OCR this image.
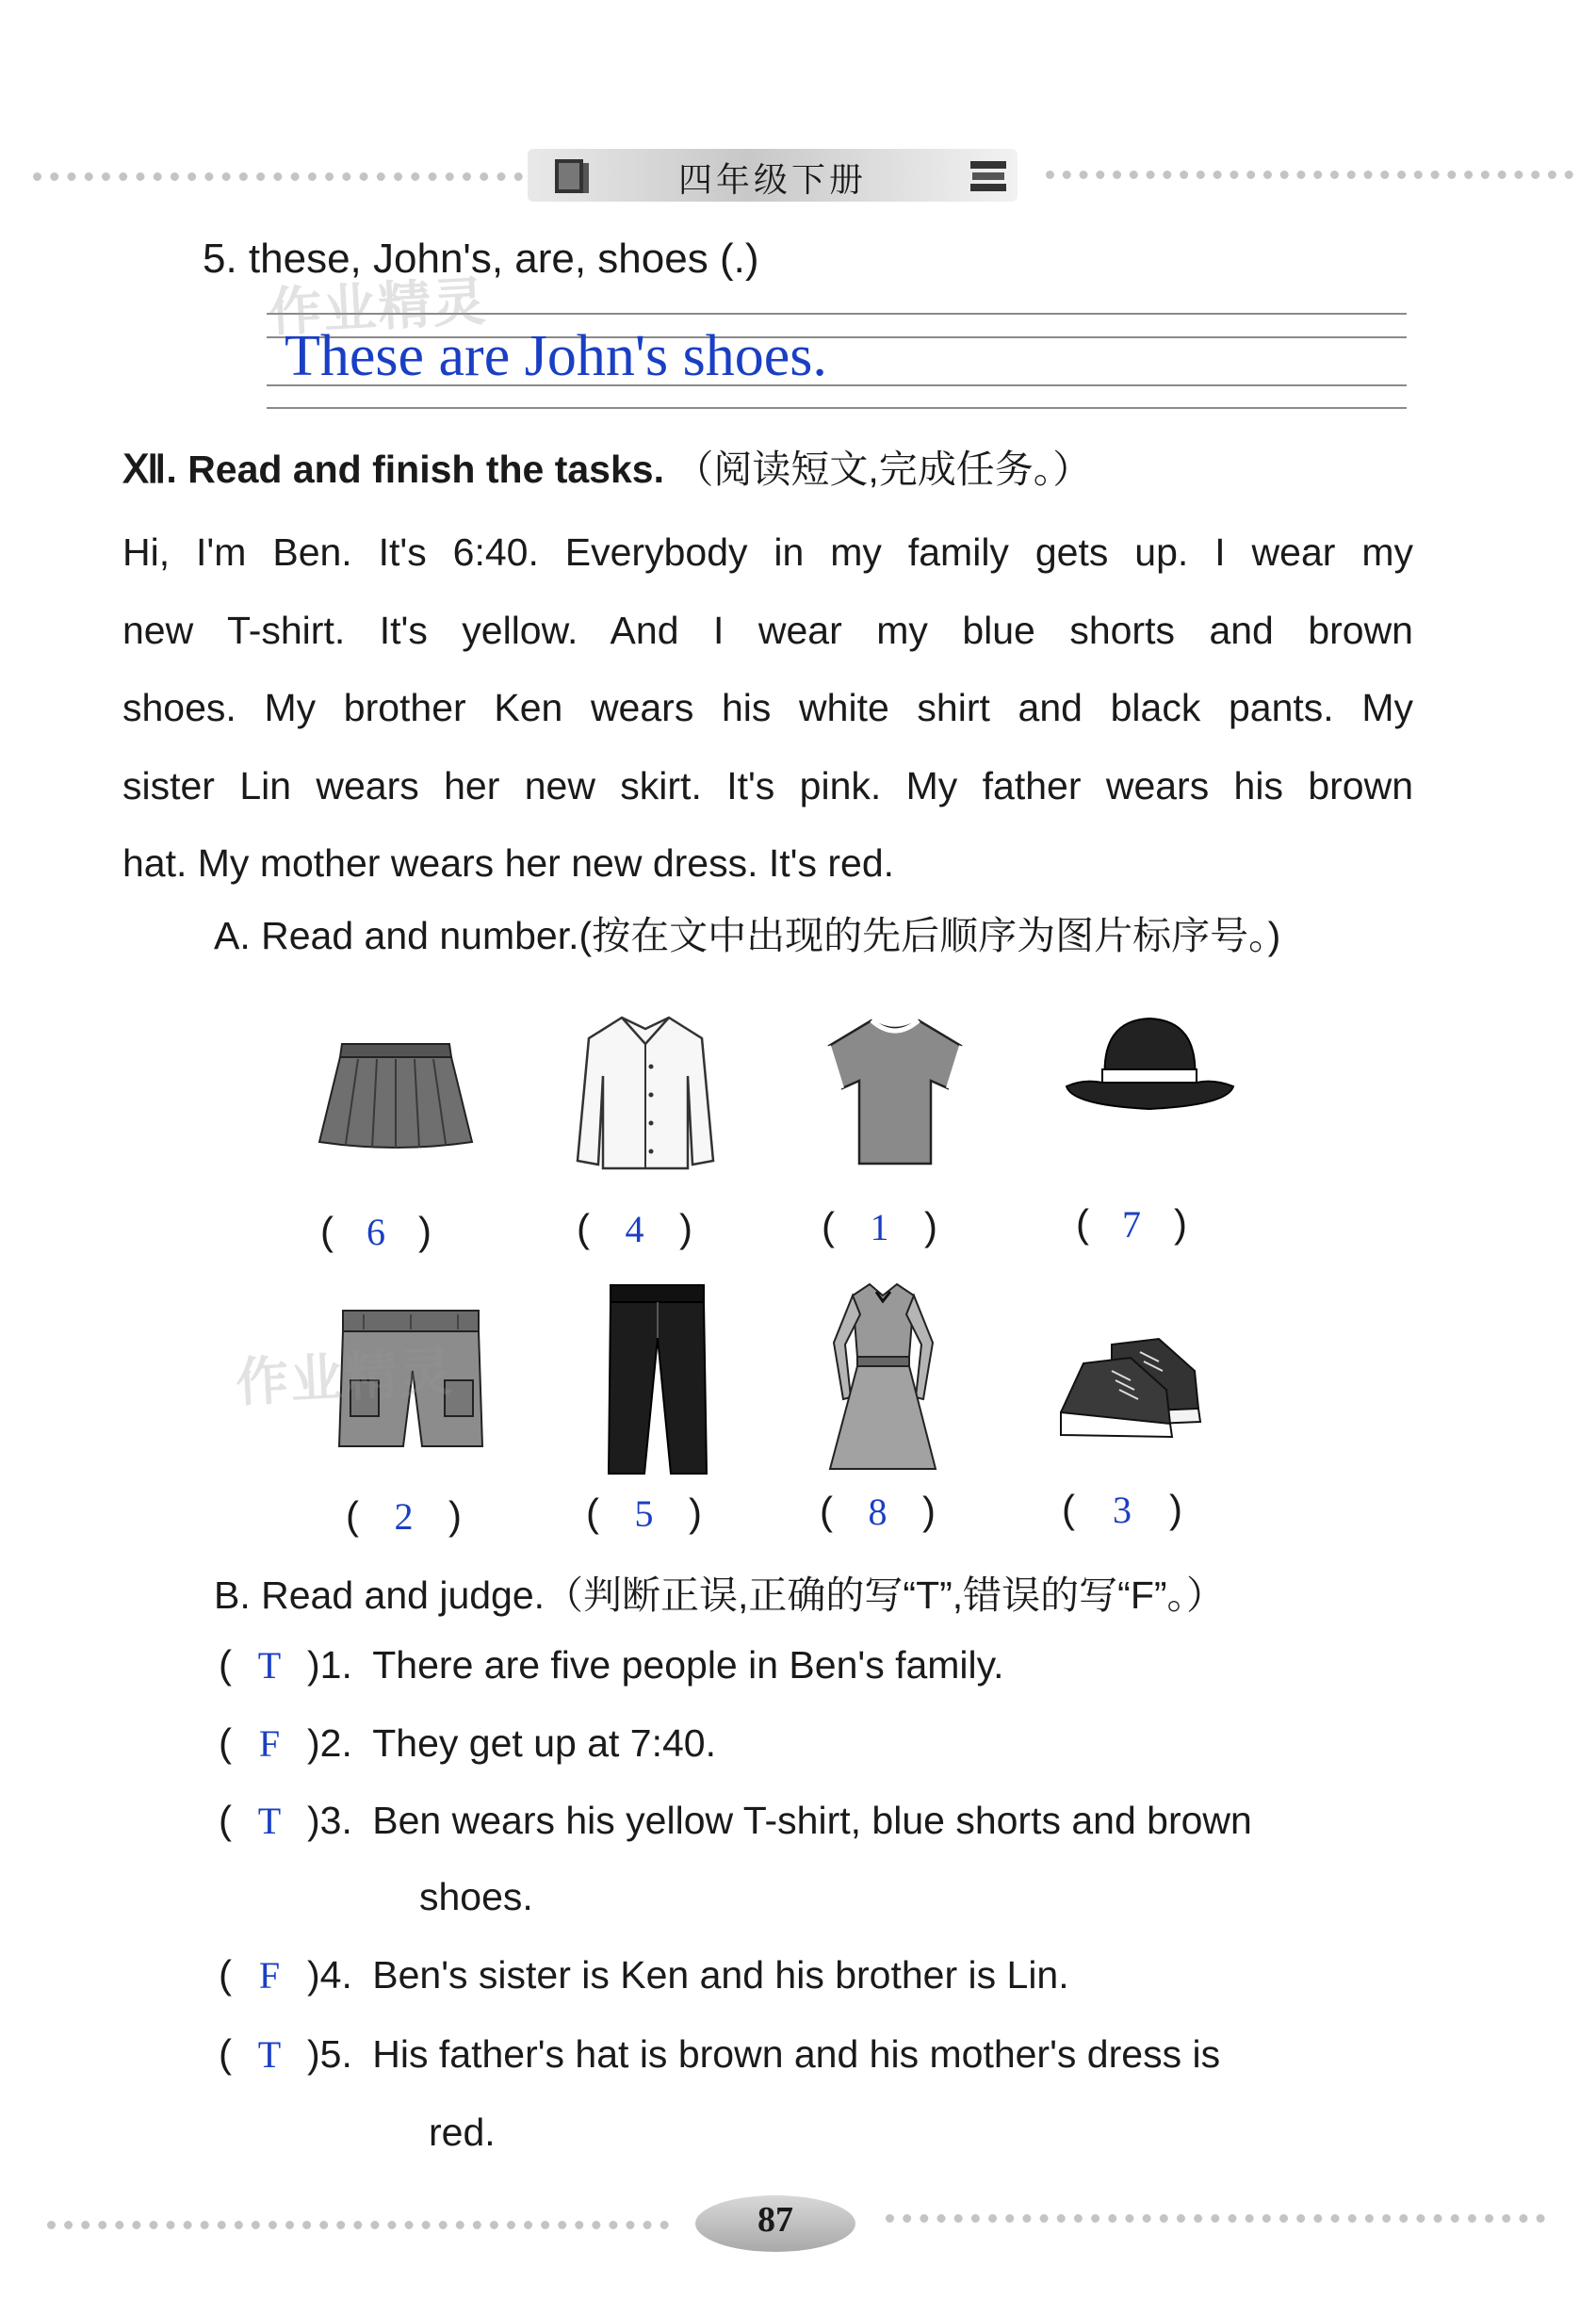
四年级下册
5. these, John's, are, shoes (.)
These are John's shoes.
作业精灵
Ⅻ. Read and finish the tasks. （阅读短文,完成任务。）

Hi, I'm Ben. It's 6:40. Everybody in my family gets up. I wear my

new T-shirt. It's yellow. And I wear my blue shorts and brown

shoes. My brother Ken wears his white shirt and black pants. My

sister Lin wears her new skirt. It's pink. My father wears his brown

hat. My mother wears her new dress. It's red.

A. Read and number.(按在文中出现的先后顺序为图片标序号。)
( 6 )	( 4 )	( 1 )	( 7 )
作业精灵
( 2 )	( 5 )	( 8 )	( 3 )
B. Read and judge.（判断正误,正确的写“T”,错误的写“F”。）
( T )1. There are five people in Ben's family.
( F )2. They get up at 7:40.
( T )3. Ben wears his yellow T-shirt, blue shorts and brown
shoes.
( F )4. Ben's sister is Ken and his brother is Lin.
( T )5. His father's hat is brown and his mother's dress is
red.
87
